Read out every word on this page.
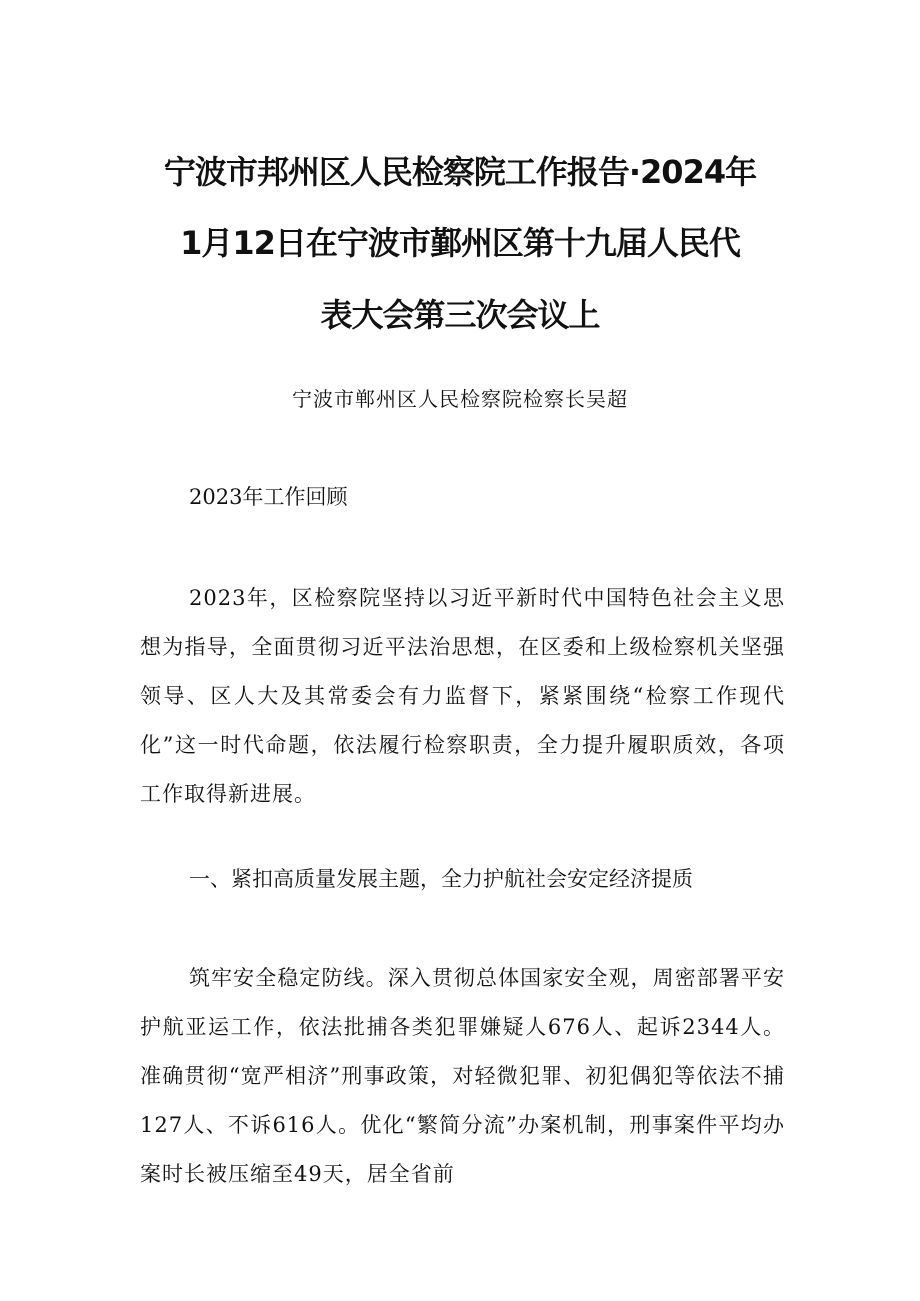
宁波市邦州区人民检察院工作报告·2024年
1月12日在宁波市鄞州区第十九届人民代
表大会第三次会议上
宁波市郸州区人民检察院检察长吴超
2023年工作回顾

2023年，区检察院坚持以习近平新时代中国特色社会主义思想为指导，全面贯彻习近平法治思想，在区委和上级检察机关坚强领导、区人大及其常委会有力监督下，紧紧围绕“检察工作现代化”这一时代命题，依法履行检察职责，全力提升履职质效，各项工作取得新进展。

一、紧扣高质量发展主题，全力护航社会安定经济提质

筑牢安全稳定防线。深入贯彻总体国家安全观，周密部署平安护航亚运工作，依法批捕各类犯罪嫌疑人676人、起诉2344人。准确贯彻“宽严相济”刑事政策，对轻微犯罪、初犯偶犯等依法不捕127人、不诉616人。优化“繁简分流”办案机制，刑事案件平均办案时长被压缩至49天，居全省前
